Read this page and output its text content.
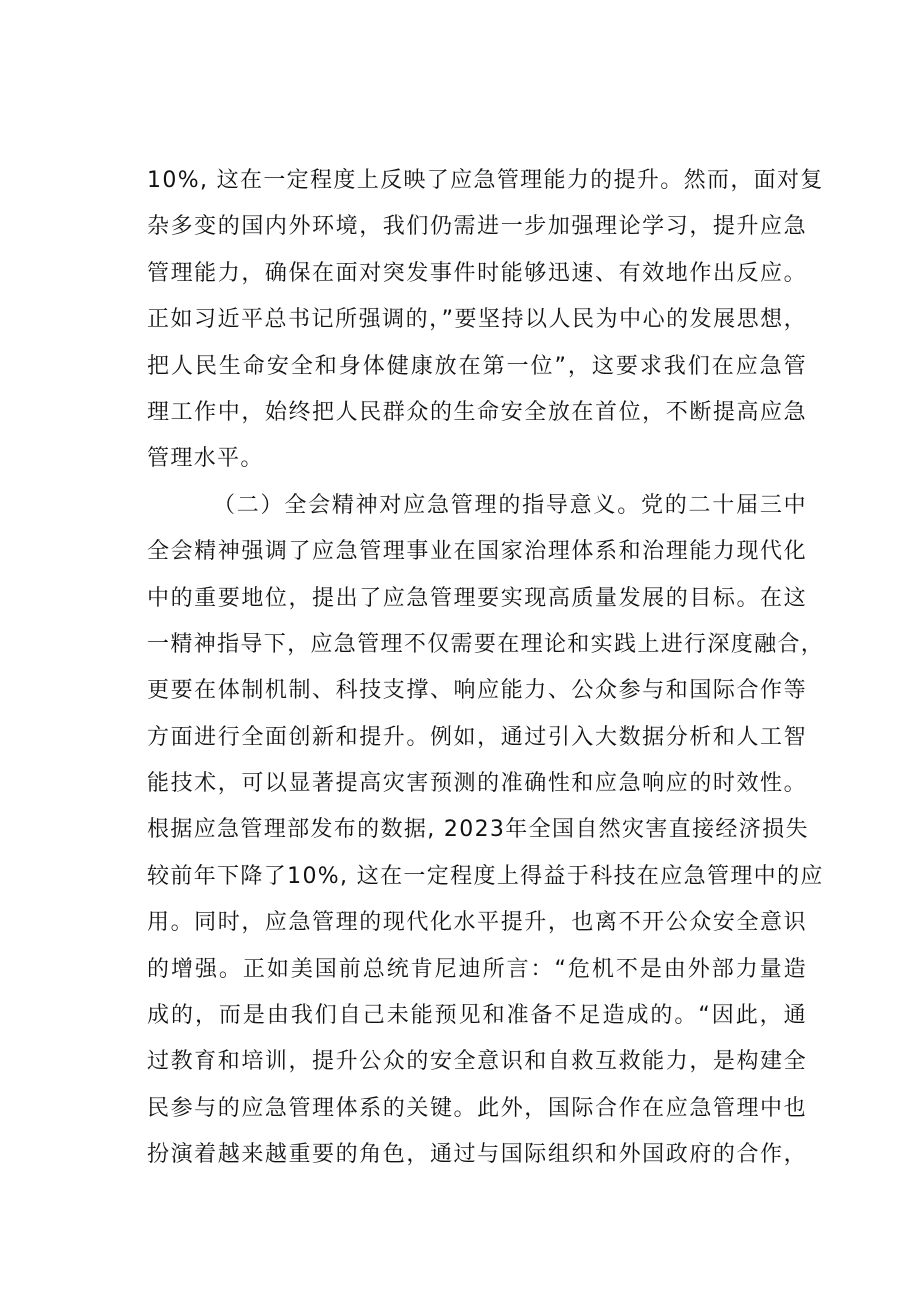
10%, 这在一定程度上反映了应急管理能力的提升。然而，面对复
杂多变的国内外环境，我们仍需进一步加强理论学习，提升应急
管理能力，确保在面对突发事件时能够迅速、有效地作出反应。
正如习近平总书记所强调的，”要坚持以人民为中心的发展思想，
把人民生命安全和身体健康放在第一位”，这要求我们在应急管
理工作中，始终把人民群众的生命安全放在首位，不断提高应急
管理水平。
（二）全会精神对应急管理的指导意义。党的二十届三中
全会精神强调了应急管理事业在国家治理体系和治理能力现代化
中的重要地位，提出了应急管理要实现高质量发展的目标。在这
一精神指导下，应急管理不仅需要在理论和实践上进行深度融合，
更要在体制机制、科技支撑、响应能力、公众参与和国际合作等
方面进行全面创新和提升。例如，通过引入大数据分析和人工智
能技术，可以显著提高灾害预测的准确性和应急响应的时效性。
根据应急管理部发布的数据, 2023年全国自然灾害直接经济损失
较前年下降了10%, 这在一定程度上得益于科技在应急管理中的应
用。同时，应急管理的现代化水平提升，也离不开公众安全意识
的增强。正如美国前总统肯尼迪所言：“危机不是由外部力量造
成的，而是由我们自己未能预见和准备不足造成的。“因此，通
过教育和培训，提升公众的安全意识和自救互救能力，是构建全
民参与的应急管理体系的关键。此外，国际合作在应急管理中也
扮演着越来越重要的角色，通过与国际组织和外国政府的合作，
